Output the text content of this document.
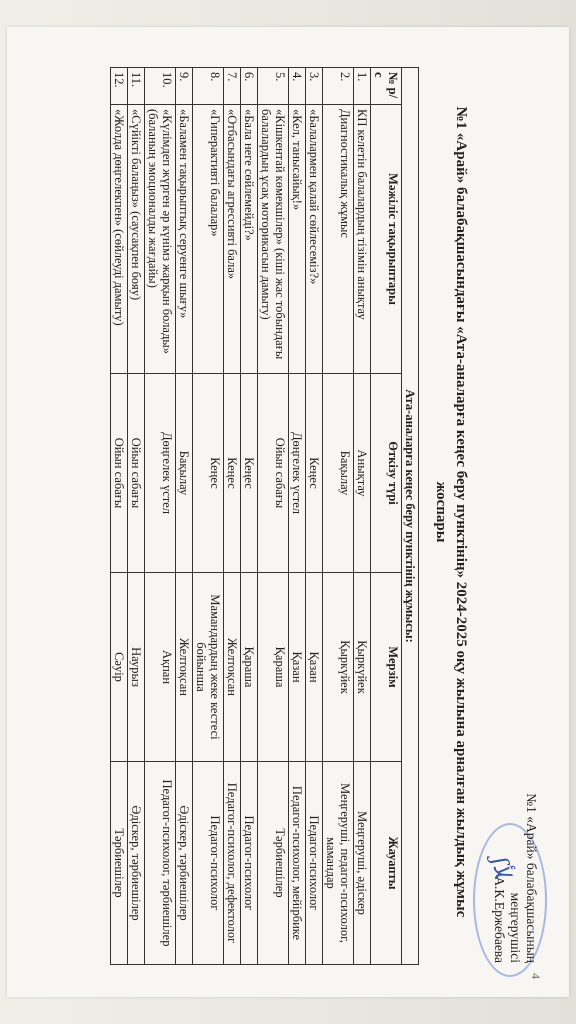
4
ʃﻸ №1 «Арай» балабақшасының
меңгерушісі
А.К.Ержебаева
№1 «Арай» балабақшасындағы «Ата-аналарға кеңес беру пунктінің» 2024-2025 оқу жылына арналған жылдық жұмыс жоспары
Ата-аналарға кеңес беру пунктінің жұмысы:				
№ р/с	Мәжіліс тақырыптары	Өткізу түрі	Мерзім	Жауапты
1.	КП келетін балалардың тізімін анықтау	Анықтау	Қыркүйек	Меңгеруші, әдіскер
2.	Диагностикалық жұмыс	Бақылау	Қыркүйек	Меңгеруші, педагог-психолог, мамандар
3.	«Балалармен қалай сөйлесеміз?»	Кеңес	Қазан	Педагог-психолог
4.	«Кел, танысайық!»	Дөңгелек үстел	Қазан	Педагог-психолог, мейірбике
5.	«Кішкентай көмекшілер» (кіші жас тобындағы балалардың ұсақ моторикасын дамыту)	Ойын сабағы	Қараша	Тәрбиешілер
6.	«Бала неге сөйлемейді?»	Кеңес	Қараша	Педагог-психолог
7.	«Отбасындағы агрессивті бала»	Кеңес	Желтоқсан	Педагог-психолог, дефектолог
8.	«Гиперактивті балалар»	Кеңес	Мамандардың жеке кестесі бойынша	Педагог-психолог
9.	«Баламен тақырыптық серуенге шығу»	Бақылау	Желтоқсан	Әдіскер, тәрбиешілер
10.	«Күлімдеп жүрген әр күнімз жарқын болады» (баланың эмоционалды жағдайы)	Дөңгелек үстел	Ақпан	Педагог-психолог, тәрбиешілер
11.	«Сүйікті балаңыз» (саусақпен бояу)	Ойын сабағы	Наурыз	Әдіскер, тәрбиешілер
12.	«Жолда дөңгелекпен» (сөйлеуді дамыту)	Ойын сабағы	Сәуір	Тәрбиешілер
